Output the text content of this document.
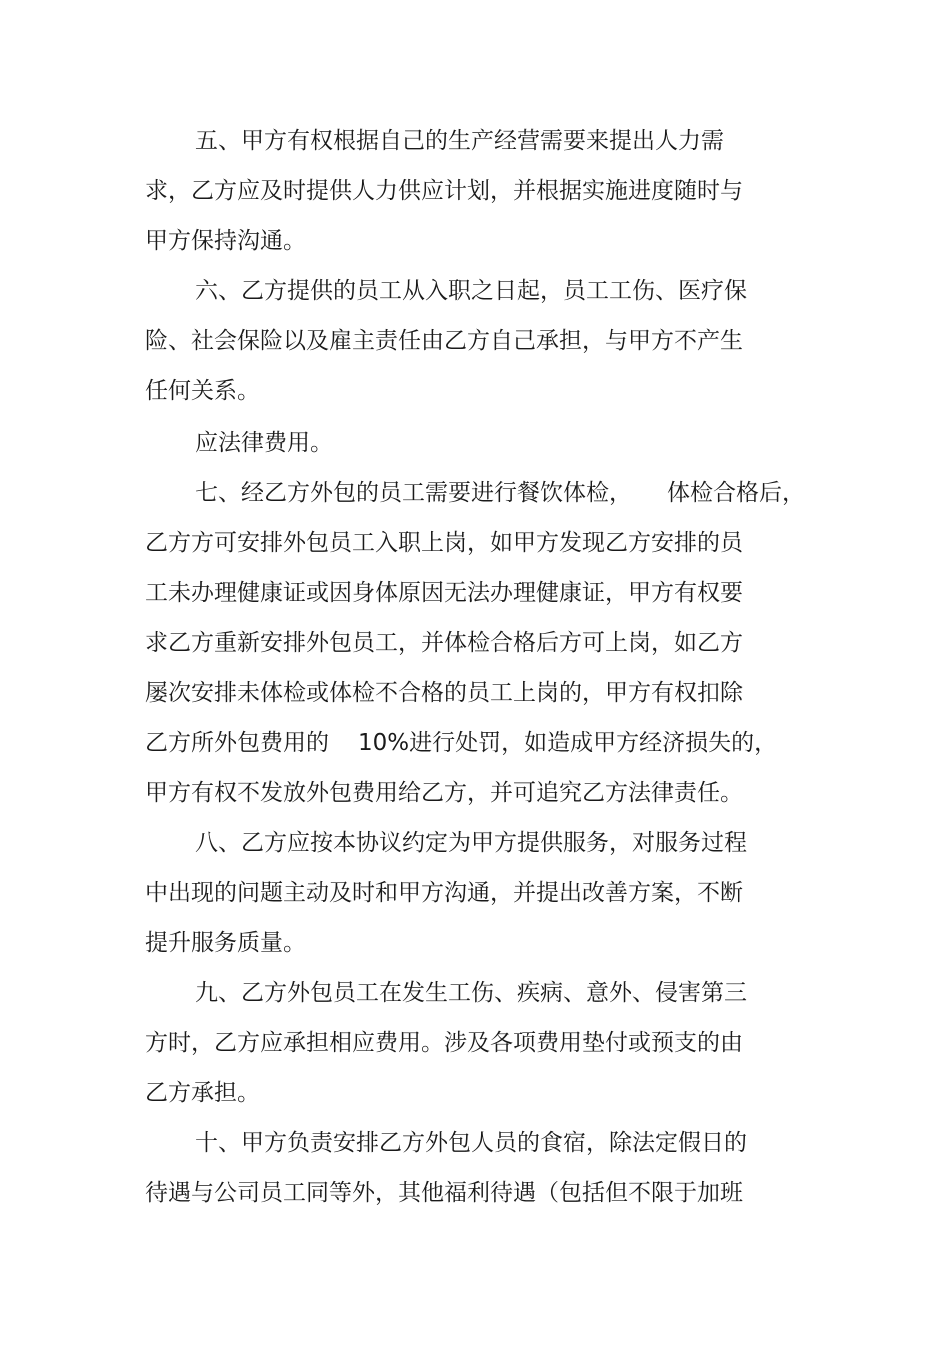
五、甲方有权根据自己的生产经营需要来提出人力需
求，乙方应及时提供人力供应计划，并根据实施进度随时与
甲方保持沟通。
六、乙方提供的员工从入职之日起，员工工伤、医疗保
险、社会保险以及雇主责任由乙方自己承担，与甲方不产生
任何关系。
应法律费用。
七、经乙方外包的员工需要进行餐饮体检， 体检合格后，
乙方方可安排外包员工入职上岗，如甲方发现乙方安排的员
工未办理健康证或因身体原因无法办理健康证，甲方有权要
求乙方重新安排外包员工，并体检合格后方可上岗，如乙方
屡次安排未体检或体检不合格的员工上岗的，甲方有权扣除
乙方所外包费用的 10%进行处罚，如造成甲方经济损失的，
甲方有权不发放外包费用给乙方，并可追究乙方法律责任。
八、乙方应按本协议约定为甲方提供服务，对服务过程
中出现的问题主动及时和甲方沟通，并提出改善方案，不断
提升服务质量。
九、乙方外包员工在发生工伤、疾病、意外、侵害第三
方时，乙方应承担相应费用。涉及各项费用垫付或预支的由
乙方承担。
十、甲方负责安排乙方外包人员的食宿，除法定假日的
待遇与公司员工同等外，其他福利待遇（包括但不限于加班
